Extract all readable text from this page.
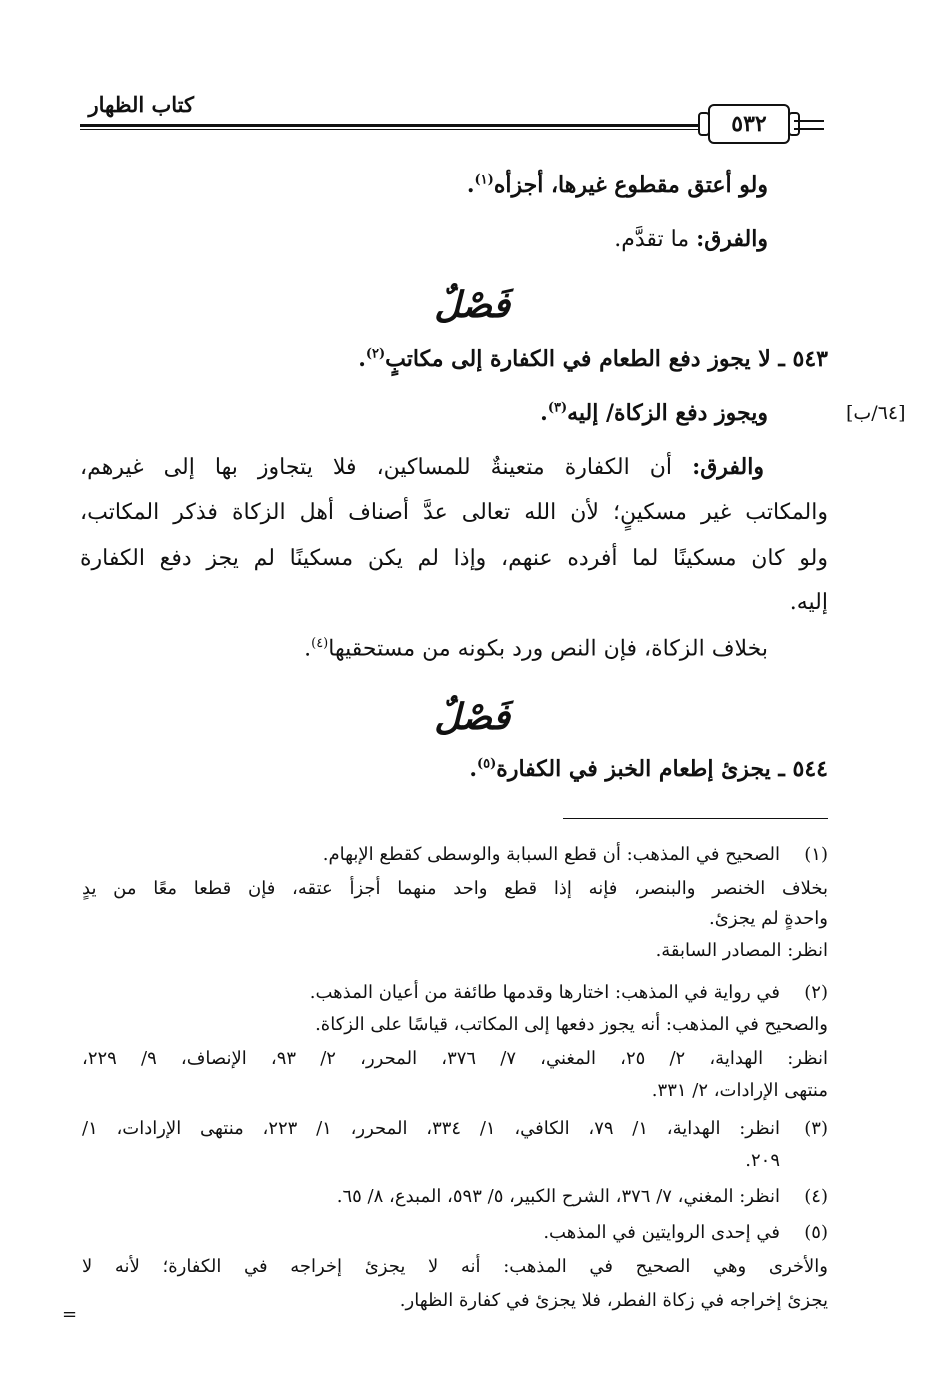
كتاب الظهار
٥٣٢
ولو أعتق مقطوع غيرها، أجزأه$^{(١)}$.
والفرق: ما تقدَّم.
فَصْلٌ
٥٤٣ ـ لا يجوز دفع الطعام في الكفارة إلى مكاتبٍ$^{(٢)}$.
ويجوز دفع الزكاة/ إليه$^{(٣)}$.	[٦٤/ب]
والفرق: أن الكفارة متعينةٌ للمساكين، فلا يتجاوز بها إلى غيرهم،
والمكاتب غير مسكينٍ؛ لأن الله تعالى عدَّ أصناف أهل الزكاة فذكر المكاتب،
ولو كان مسكينًا لما أفرده عنهم، وإذا لم يكن مسكينًا لم يجز دفع الكفارة
إليه.
بخلاف الزكاة، فإن النص ورد بكونه من مستحقيها$^{(٤)}$.
فَصْلٌ
٥٤٤ ـ يجزئ إطعام الخبز في الكفارة$^{(٥)}$.
(١)
الصحيح في المذهب: أن قطع السبابة والوسطى كقطع الإبهام.
بخلاف الخنصر والبنصر، فإنه إذا قطع واحد منهما أجزأ عتقه، فإن قطعا معًا من يدٍ
واحدةٍ لم يجزئ.
انظر: المصادر السابقة.
(٢)
في رواية في المذهب: اختارها وقدمها طائفة من أعيان المذهب.
والصحيح في المذهب: أنه يجوز دفعها إلى المكاتب، قياسًا على الزكاة.
انظر: الهداية، ٢/ ٢٥، المغني، ٧/ ٣٧٦، المحرر، ٢/ ٩٣، الإنصاف، ٩/ ٢٢٩،
منتهى الإرادات، ٢/ ٣٣١.
(٣)
انظر: الهداية، ١/ ٧٩، الكافي، ١/ ٣٣٤، المحرر، ١/ ٢٢٣، منتهى الإرادات، ١/
٢٠٩.
(٤)
انظر: المغني، ٧/ ٣٧٦، الشرح الكبير، ٥/ ٥٩٣، المبدع، ٨/ ٦٥.
(٥)
في إحدى الروايتين في المذهب.
والأخرى وهي الصحيح في المذهب: أنه لا يجزئ إخراجه في الكفارة؛ لأنه لا
يجزئ إخراجه في زكاة الفطر، فلا يجزئ في كفارة الظهار.
=
